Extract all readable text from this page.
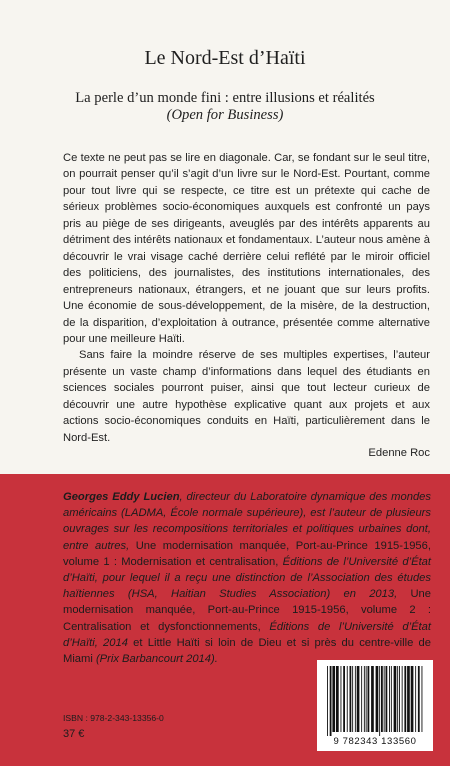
Le Nord-Est d’Haïti
La perle d’un monde fini : entre illusions et réalités
(Open for Business)

Ce texte ne peut pas se lire en diagonale. Car, se fondant sur le seul titre, on pourrait penser qu’il s’agit d’un livre sur le Nord-Est. Pourtant, comme pour tout livre qui se respecte, ce titre est un prétexte qui cache de sérieux problèmes socio-économiques auxquels est confronté un pays pris au piège de ses dirigeants, aveuglés par des intérêts apparents au détriment des intérêts nationaux et fondamentaux. L’auteur nous amène à découvrir le vrai visage caché derrière celui reflété par le miroir officiel des politiciens, des journalistes, des institutions internationales, des entrepreneurs nationaux, étrangers, et ne jouant que sur leurs profits. Une économie de sous-développement, de la misère, de la destruction, de la disparition, d’exploitation à outrance, présentée comme alternative pour une meilleure Haïti.

Sans faire la moindre réserve de ses multiples expertises, l’auteur présente un vaste champ d’informations dans lequel des étudiants en sciences sociales pourront puiser, ainsi que tout lecteur curieux de découvrir une autre hypothèse explicative quant aux projets et aux actions socio-économiques conduits en Haïti, particulièrement dans le Nord-Est.

Edenne Roc
Georges Eddy Lucien, directeur du Laboratoire dynamique des mondes américains (LADMA, École normale supérieure), est l’auteur de plusieurs ouvrages sur les recompositions territoriales et politiques urbaines dont, entre autres, Une modernisation manquée, Port-au-Prince 1915-1956, volume 1 : Modernisation et centralisation, Éditions de l’Université d’État d’Haïti, pour lequel il a reçu une distinction de l’Association des études haïtiennes (HSA, Haitian Studies Association) en 2013, Une modernisation manquée, Port-au-Prince 1915-1956, volume 2 : Centralisation et dysfonctionnements, Éditions de l’Université d’État d’Haïti, 2014 et Little Haïti si loin de Dieu et si près du centre-ville de Miami (Prix Barbancourt 2014).
ISBN : 978-2-343-13356-0
37 €
9 782343 133560
